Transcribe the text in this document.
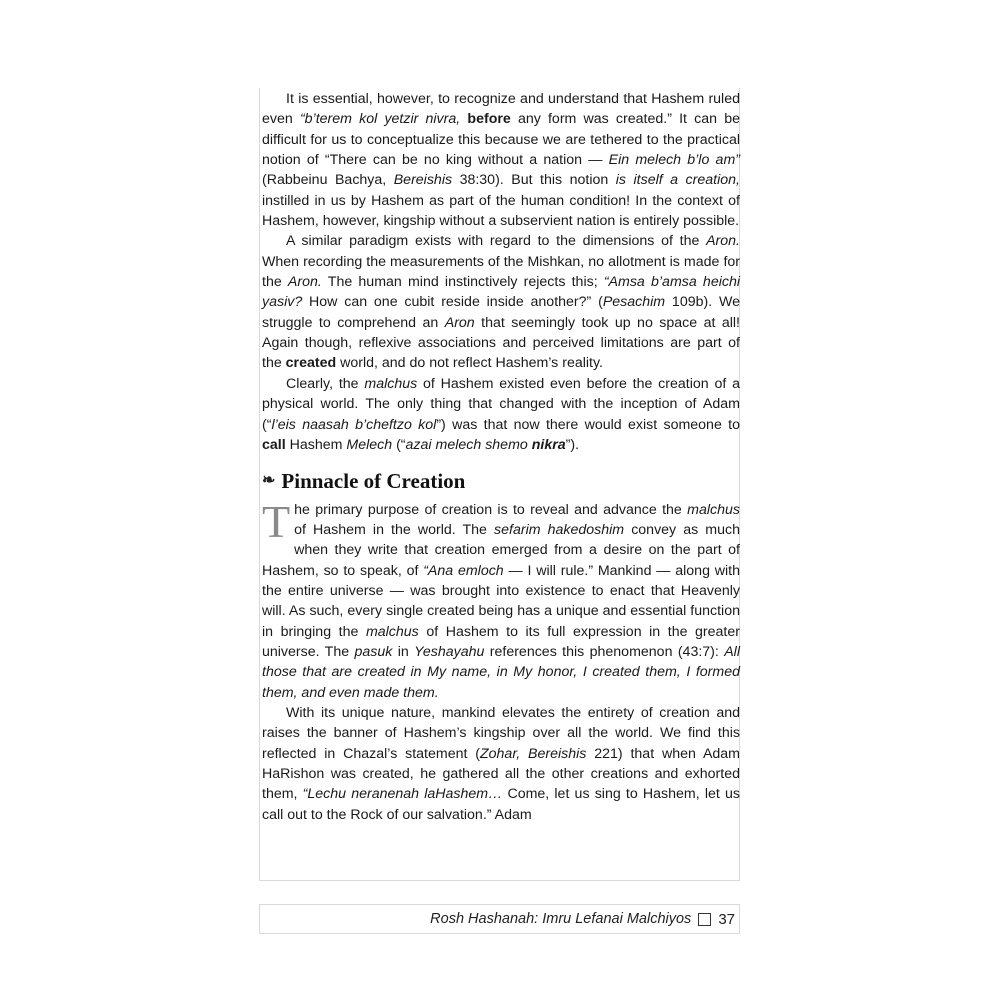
It is essential, however, to recognize and understand that Hashem ruled even “b’terem kol yetzir nivra, before any form was created.” It can be difficult for us to conceptualize this because we are tethered to the practical notion of “There can be no king without a nation — Ein melech b’lo am” (Rabbeinu Bachya, Bereishis 38:30). But this notion is itself a creation, instilled in us by Hashem as part of the human condition! In the context of Hashem, however, kingship without a subservient nation is entirely possible.

A similar paradigm exists with regard to the dimensions of the Aron. When recording the measurements of the Mishkan, no allotment is made for the Aron. The human mind instinctively rejects this; “Amsa b’amsa heichi yasiv? How can one cubit reside inside another?” (Pesachim 109b). We struggle to comprehend an Aron that seemingly took up no space at all! Again though, reflexive associations and perceived limitations are part of the created world, and do not reflect Hashem’s reality.

Clearly, the malchus of Hashem existed even before the creation of a physical world. The only thing that changed with the inception of Adam (“l’eis naasah b’cheftzo kol”) was that now there would exist someone to call Hashem Melech (“azai melech shemo nikra”).

❧ Pinnacle of Creation

The primary purpose of creation is to reveal and advance the malchus of Hashem in the world. The sefarim hakedoshim convey as much when they write that creation emerged from a desire on the part of Hashem, so to speak, of “Ana emloch — I will rule.” Mankind — along with the entire universe — was brought into existence to enact that Heavenly will. As such, every single created being has a unique and essential function in bringing the malchus of Hashem to its full expression in the greater universe. The pasuk in Yeshayahu references this phenomenon (43:7): All those that are created in My name, in My honor, I created them, I formed them, and even made them.

With its unique nature, mankind elevates the entirety of creation and raises the banner of Hashem’s kingship over all the world. We find this reflected in Chazal’s statement (Zohar, Bereishis 221) that when Adam HaRishon was created, he gathered all the other creations and exhorted them, “Lechu neranenah laHashem… Come, let us sing to Hashem, let us call out to the Rock of our salvation.” Adam

Rosh Hashanah: Imru Lefanai Malchiyos 37
